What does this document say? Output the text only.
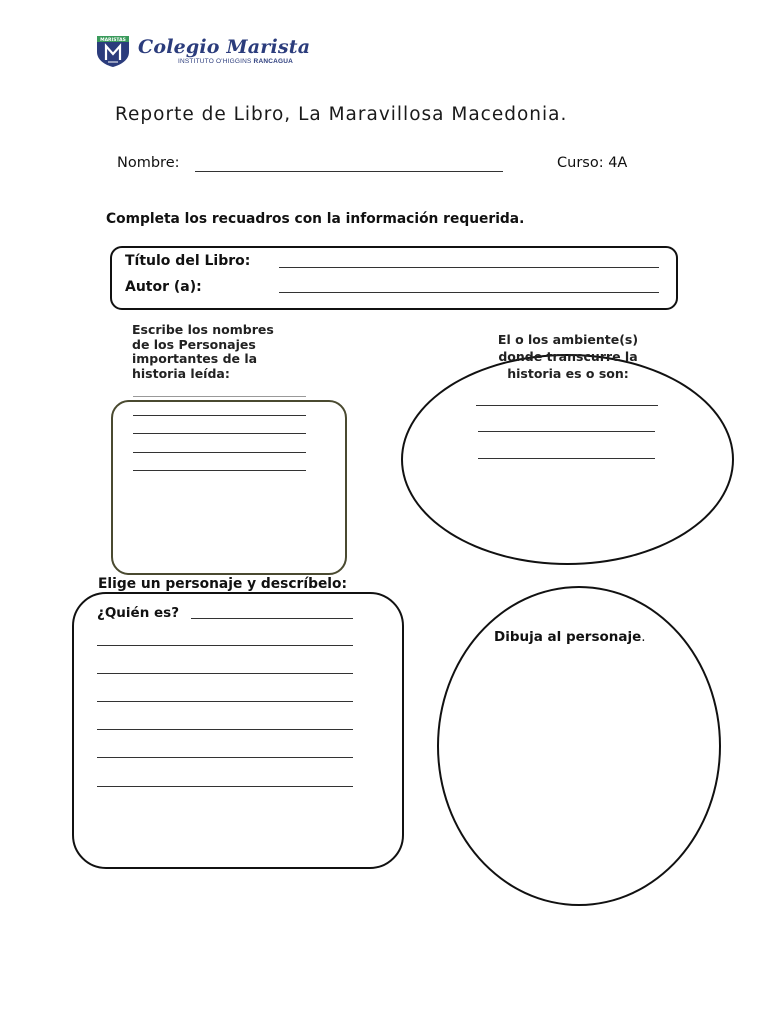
MARISTAS Colegio Marista
INSTITUTO O'HIGGINS RANCAGUA
Reporte de Libro, La Maravillosa Macedonia.
Nombre:	Curso: 4A
Completa los recuadros con la información requerida.
Título del Libro:
Autor (a):
Escribe los nombres
de los Personajes
importantes de la
historia leída:
El o los ambiente(s)
donde transcurre la
historia es o son:
Elige un personaje y descríbelo:
¿Quién es?
Dibuja al personaje.
